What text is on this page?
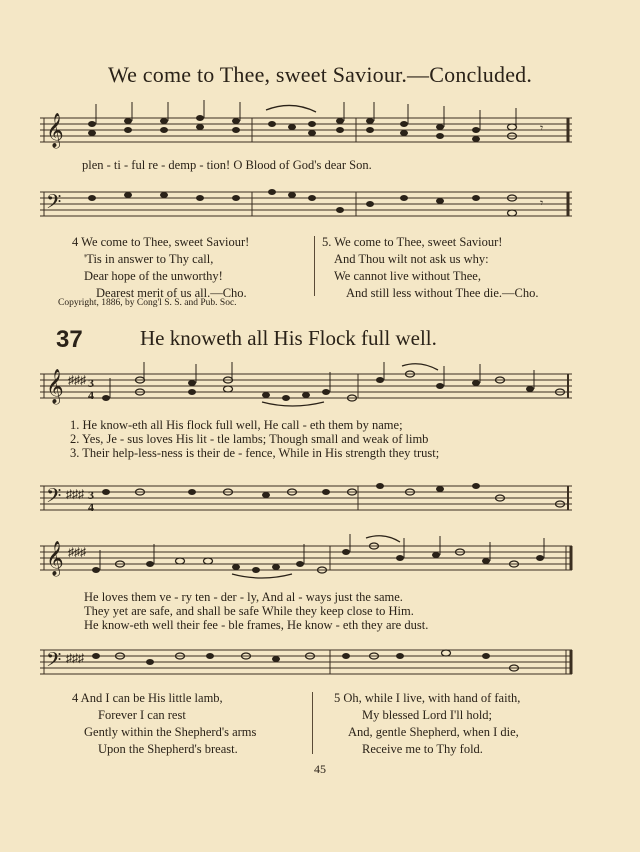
We come to Thee, sweet Saviour.—Concluded.
𝄞	𝄾
plen - ti - ful re - demp - tion! O Blood of God's dear Son.
𝄢	𝄾
4 We come to Thee, sweet Saviour!
'Tis in answer to Thy call,
Dear hope of the unworthy!
Dearest merit of us all.—Cho.
5. We come to Thee, sweet Saviour!
And Thou wilt not ask us why:
We cannot live without Thee,
And still less without Thee die.—Cho.
Copyright, 1886, by Cong'l S. S. and Pub. Soc.
37	He knoweth all His Flock full well.
𝄞 ♯♯♯ 3
4
1. He know-eth all His flock full well, He call - eth them by name;
2. Yes, Je - sus loves His lit - tle lambs; Though small and weak of limb
3. Their help-less-ness is their de - fence, While in His strength they trust;
𝄢 ♯♯♯ 3
4
𝄞 ♯♯♯
He loves them ve - ry ten - der - ly, And al - ways just the same.
They yet are safe, and shall be safe While they keep close to Him.
He know-eth well their fee - ble frames, He know - eth they are dust.
𝄢 ♯♯♯
4 And I can be His little lamb,
Forever I can rest
Gently within the Shepherd's arms
Upon the Shepherd's breast.
5 Oh, while I live, with hand of faith,
My blessed Lord I'll hold;
And, gentle Shepherd, when I die,
Receive me to Thy fold.
45
